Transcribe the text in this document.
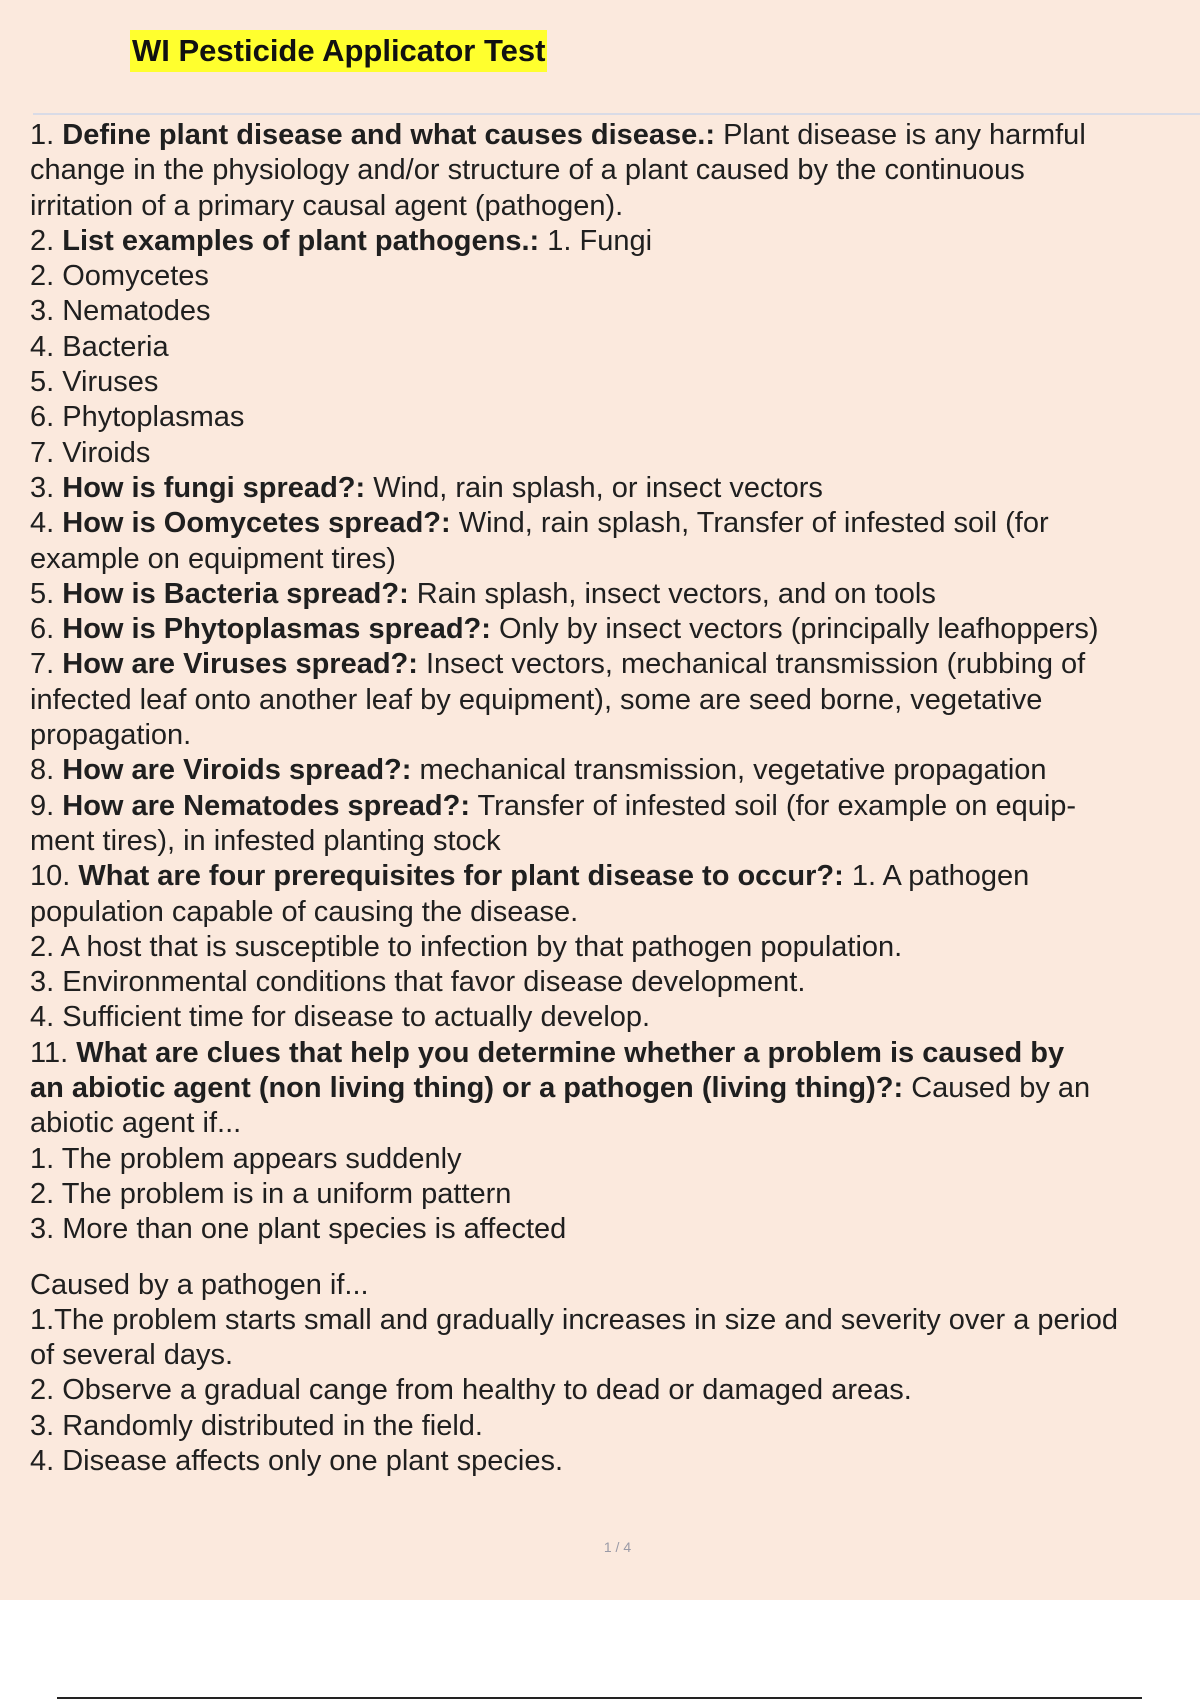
WI Pesticide Applicator Test
1. Define plant disease and what causes disease.: Plant disease is any harmful
change in the physiology and/or structure of a plant caused by the continuous
irritation of a primary causal agent (pathogen).
2. List examples of plant pathogens.: 1. Fungi
2. Oomycetes
3. Nematodes
4. Bacteria
5. Viruses
6. Phytoplasmas
7. Viroids
3. How is fungi spread?: Wind, rain splash, or insect vectors
4. How is Oomycetes spread?: Wind, rain splash, Transfer of infested soil (for
example on equipment tires)
5. How is Bacteria spread?: Rain splash, insect vectors, and on tools
6. How is Phytoplasmas spread?: Only by insect vectors (principally leafhoppers)
7. How are Viruses spread?: Insect vectors, mechanical transmission (rubbing of
infected leaf onto another leaf by equipment), some are seed borne, vegetative
propagation.
8. How are Viroids spread?: mechanical transmission, vegetative propagation
9. How are Nematodes spread?: Transfer of infested soil (for example on equip-
ment tires), in infested planting stock
10. What are four prerequisites for plant disease to occur?: 1. A pathogen
population capable of causing the disease.
2. A host that is susceptible to infection by that pathogen population.
3. Environmental conditions that favor disease development.
4. Sufficient time for disease to actually develop.
11. What are clues that help you determine whether a problem is caused by
an abiotic agent (non living thing) or a pathogen (living thing)?: Caused by an
abiotic agent if...
1. The problem appears suddenly
2. The problem is in a uniform pattern
3. More than one plant species is affected
Caused by a pathogen if...
1.The problem starts small and gradually increases in size and severity over a period
of several days.
2. Observe a gradual cange from healthy to dead or damaged areas.
3. Randomly distributed in the field.
4. Disease affects only one plant species.
1 / 4
